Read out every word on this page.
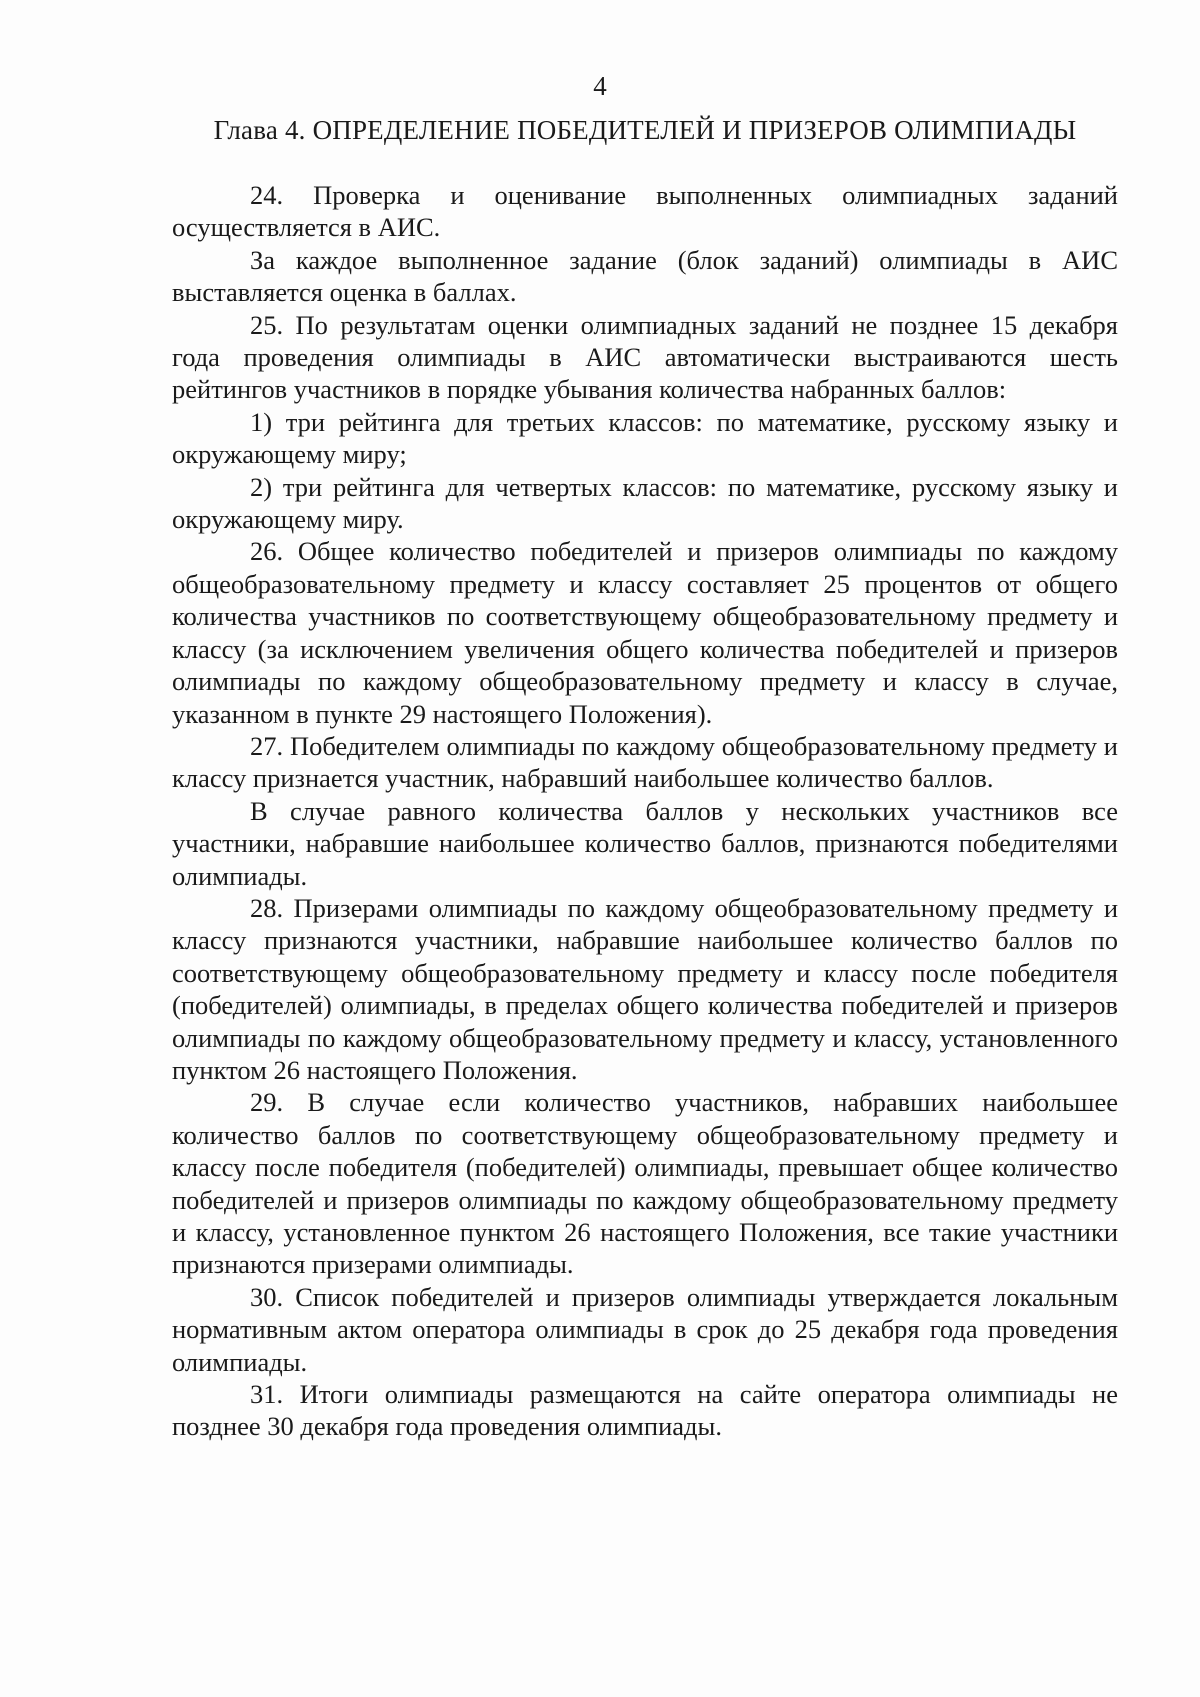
4
Глава 4. ОПРЕДЕЛЕНИЕ ПОБЕДИТЕЛЕЙ И ПРИЗЕРОВ ОЛИМПИАДЫ

24. Проверка и оценивание выполненных олимпиадных заданий осуществляется в АИС.

За каждое выполненное задание (блок заданий) олимпиады в АИС выставляется оценка в баллах.

25. По результатам оценки олимпиадных заданий не позднее 15 декабря года проведения олимпиады в АИС автоматически выстраиваются шесть рейтингов участников в порядке убывания количества набранных баллов:

1) три рейтинга для третьих классов: по математике, русскому языку и окружающему миру;

2) три рейтинга для четвертых классов: по математике, русскому языку и окружающему миру.

26. Общее количество победителей и призеров олимпиады по каждому общеобразовательному предмету и классу составляет 25 процентов от общего количества участников по соответствующему общеобразовательному предмету и классу (за исключением увеличения общего количества победителей и призеров олимпиады по каждому общеобразовательному предмету и классу в случае, указанном в пункте 29 настоящего Положения).

27. Победителем олимпиады по каждому общеобразовательному предмету и классу признается участник, набравший наибольшее количество баллов.

В случае равного количества баллов у нескольких участников все участники, набравшие наибольшее количество баллов, признаются победителями олимпиады.

28. Призерами олимпиады по каждому общеобразовательному предмету и классу признаются участники, набравшие наибольшее количество баллов по соответствующему общеобразовательному предмету и классу после победителя (победителей) олимпиады, в пределах общего количества победителей и призеров олимпиады по каждому общеобразовательному предмету и классу, установленного пунктом 26 настоящего Положения.

29. В случае если количество участников, набравших наибольшее количество баллов по соответствующему общеобразовательному предмету и классу после победителя (победителей) олимпиады, превышает общее количество победителей и призеров олимпиады по каждому общеобразовательному предмету и классу, установленное пунктом 26 настоящего Положения, все такие участники признаются призерами олимпиады.

30. Список победителей и призеров олимпиады утверждается локальным нормативным актом оператора олимпиады в срок до 25 декабря года проведения олимпиады.

31. Итоги олимпиады размещаются на сайте оператора олимпиады не позднее 30 декабря года проведения олимпиады.
